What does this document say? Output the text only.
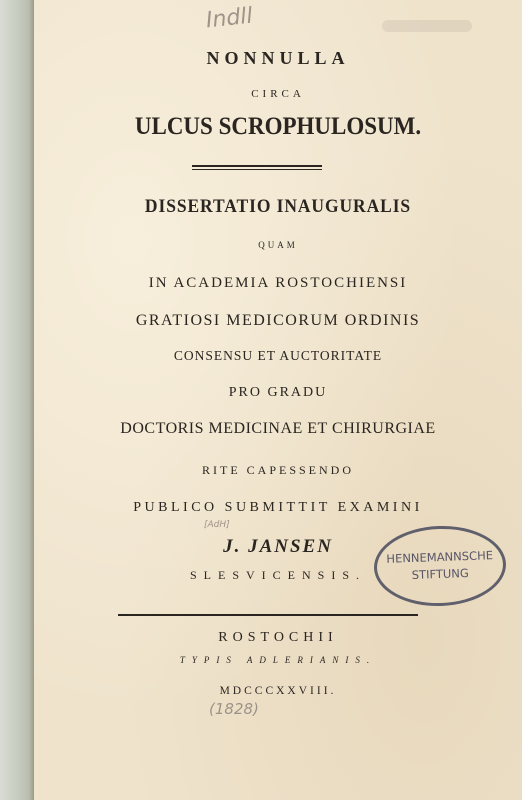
Indll
NONNULLA
CIRCA
ULCUS SCROPHULOSUM.
DISSERTATIO INAUGURALIS
QUAM
IN ACADEMIA ROSTOCHIENSI
GRATIOSI MEDICORUM ORDINIS
CONSENSU ET AUCTORITATE
PRO GRADU
DOCTORIS MEDICINAE ET CHIRURGIAE
RITE CAPESSENDO
PUBLICO SUBMITTIT EXAMINI
[AdH]
J. JANSEN
SLESVICENSIS.
HENNEMANNSCHE
STIFTUNG
ROSTOCHII
TYPIS ADLERIANIS.
MDCCCXXVIII.
(1828)
